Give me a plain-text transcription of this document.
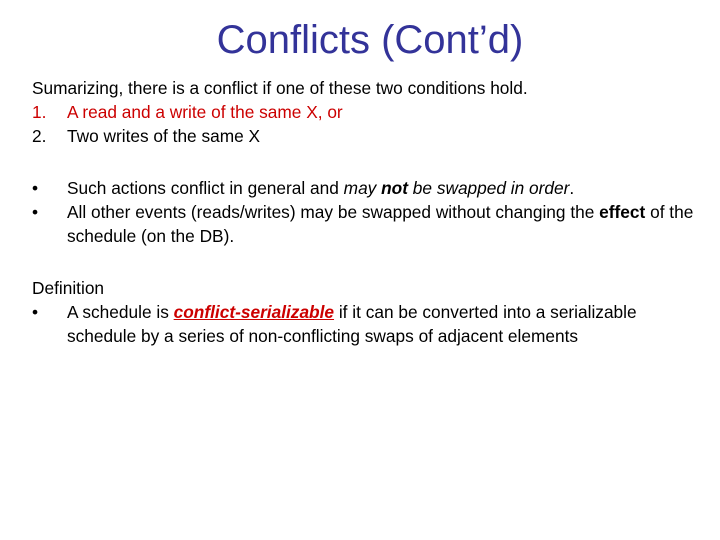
Conflicts (Cont’d)
Sumarizing, there is a conflict if one of these two conditions hold.
1.	A read and a write of the same X, or
2.	Two writes of the same X
•	Such actions conflict in general and may not be swapped in order.
•	All other events (reads/writes) may be swapped without changing the effect of the schedule (on the DB).
Definition
•	A schedule is conflict-serializable if it can be converted into a serializable schedule by a series of non-conflicting swaps of adjacent elements
